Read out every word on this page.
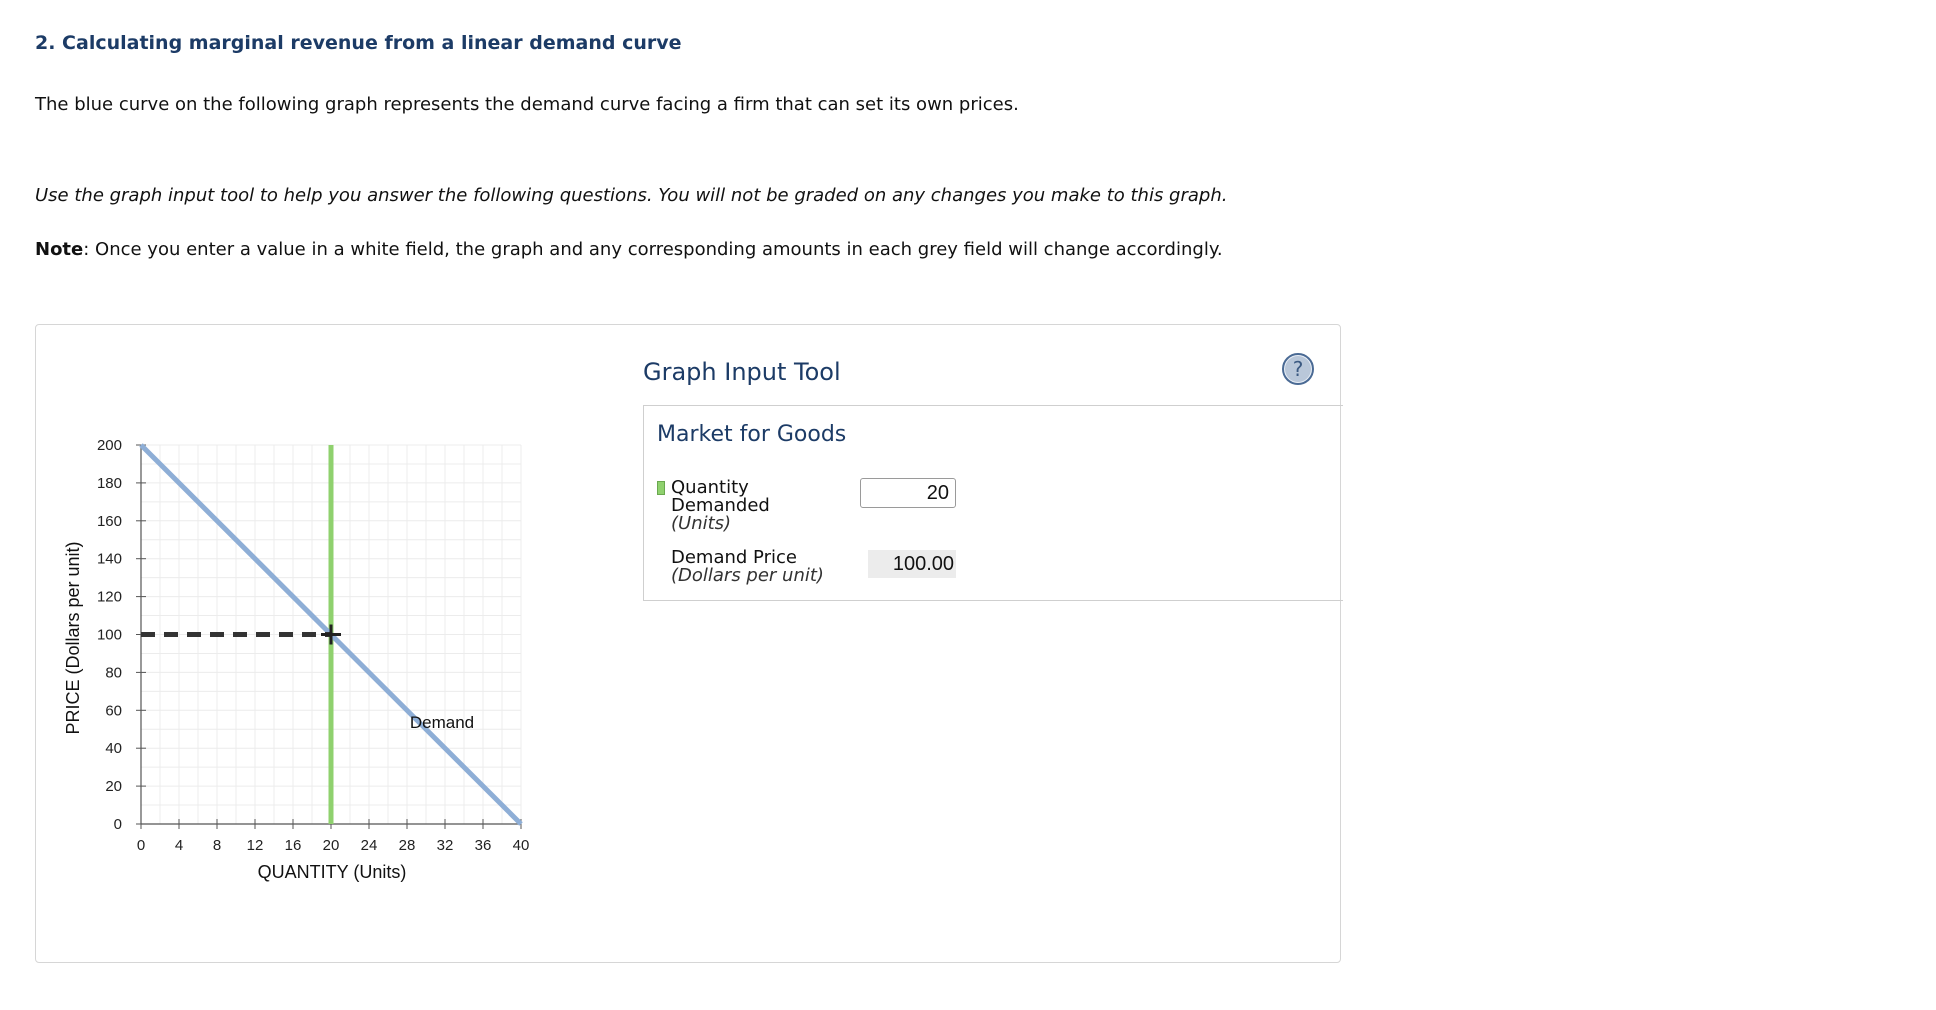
2. Calculating marginal revenue from a linear demand curve
The blue curve on the following graph represents the demand curve facing a firm that can set its own prices.
Use the graph input tool to help you answer the following questions. You will not be graded on any changes you make to this graph.
Note: Once you enter a value in a white field, the graph and any corresponding amounts in each grey field will change accordingly.
0 4 8 12 16 20 24 28 32 36 40
0
20
40
60
80
100
120
140
160
180
200
QUANTITY (Units)
PRICE (Dollars per unit)	Demand
Graph Input Tool	?
Market for Goods
Quantity
Demanded
(Units)
20
Demand Price
(Dollars per unit)
100.00
